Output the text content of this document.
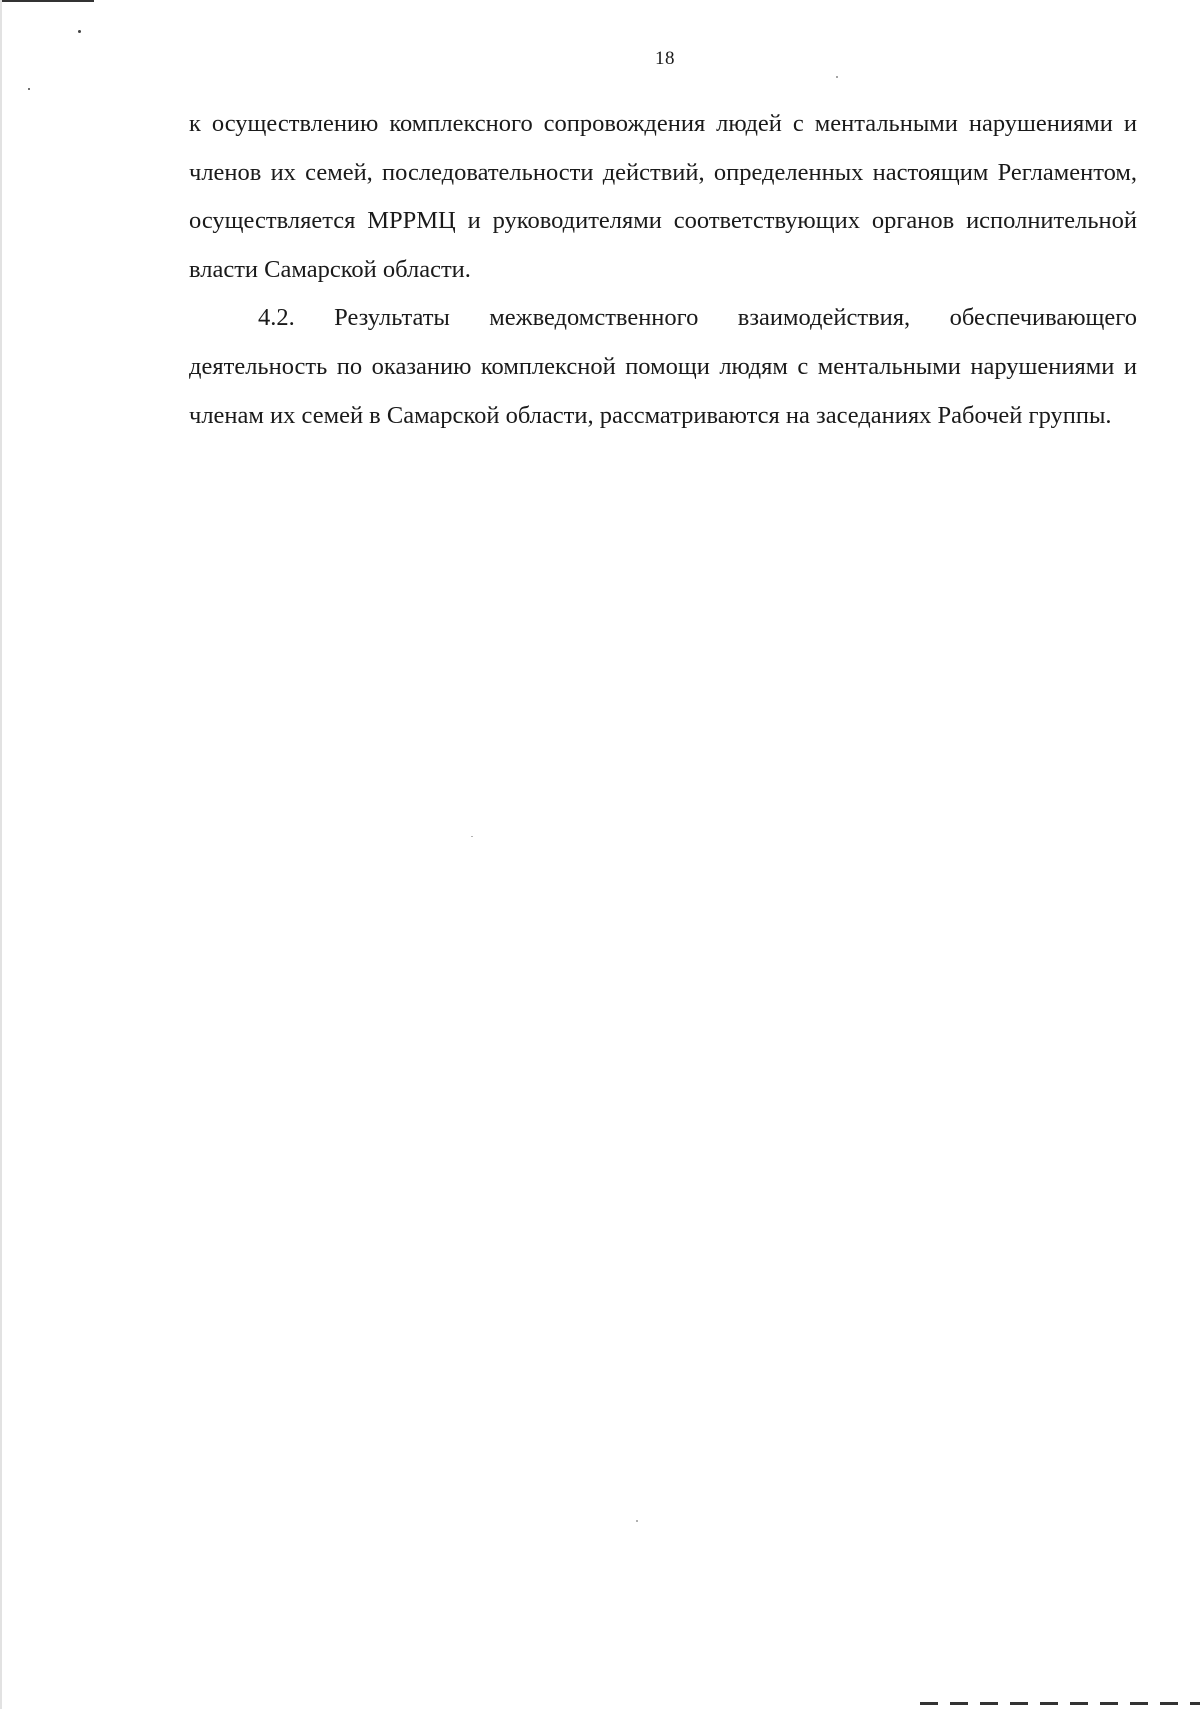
18

к осуществлению комплексного сопровождения людей с ментальными нарушениями и членов их семей, последовательности действий, определенных настоящим Регламентом, осуществляется МРРМЦ и руководителями соответствующих органов исполнительной власти Самарской области.

4.2. Результаты межведомственного взаимодействия, обеспечивающего деятельность по оказанию комплексной помощи людям с ментальными нарушениями и членам их семей в Самарской области, рассматриваются на заседаниях Рабочей группы.
